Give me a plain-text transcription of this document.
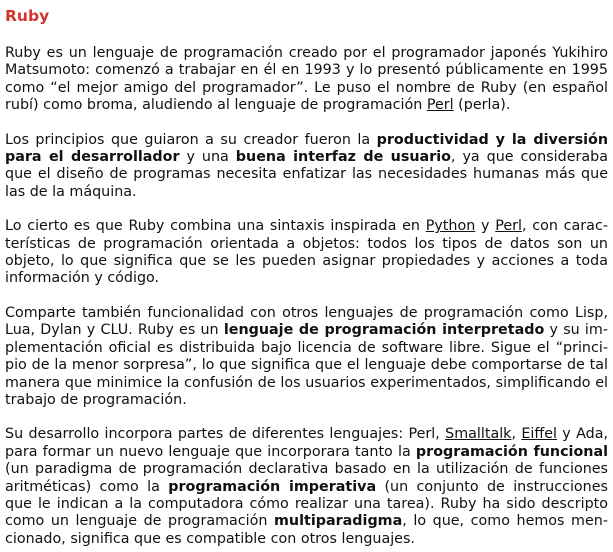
Ruby

Ruby es un lenguaje de programación creado por el programador japonés Yukihiro Matsumoto: comenzó a trabajar en él en 1993 y lo presentó públicamente en 1995 como “el mejor amigo del programador”. Le puso el nombre de Ruby (en español rubí) como broma, aludiendo al lenguaje de programación Perl (perla).

Los principios que guiaron a su creador fueron la productividad y la diversión para el desarrollador y una buena interfaz de usuario, ya que consideraba que el diseño de programas necesita enfatizar las necesidades humanas más que las de la máquina.

Lo cierto es que Ruby combina una sintaxis inspirada en Python y Perl, con características de programación orientada a objetos: todos los tipos de datos son un objeto, lo que significa que se les pueden asignar propiedades y acciones a toda información y código.

Comparte también funcionalidad con otros lenguajes de programación como Lisp, Lua, Dylan y CLU. Ruby es un lenguaje de programación interpretado y su implementación oficial es distribuida bajo licencia de software libre. Sigue el “principio de la menor sorpresa”, lo que significa que el lenguaje debe comportarse de tal manera que minimice la confusión de los usuarios experimentados, simplificando el trabajo de programación.

Su desarrollo incorpora partes de diferentes lenguajes: Perl, Smalltalk, Eiffel y Ada, para formar un nuevo lenguaje que incorporara tanto la programación funcional (un paradigma de programación declarativa basado en la utilización de funciones aritméticas) como la programación imperativa (un conjunto de instrucciones que le indican a la computadora cómo realizar una tarea). Ruby ha sido descripto como un lenguaje de programación multiparadigma, lo que, como hemos mencionado, significa que es compatible con otros lenguajes.
